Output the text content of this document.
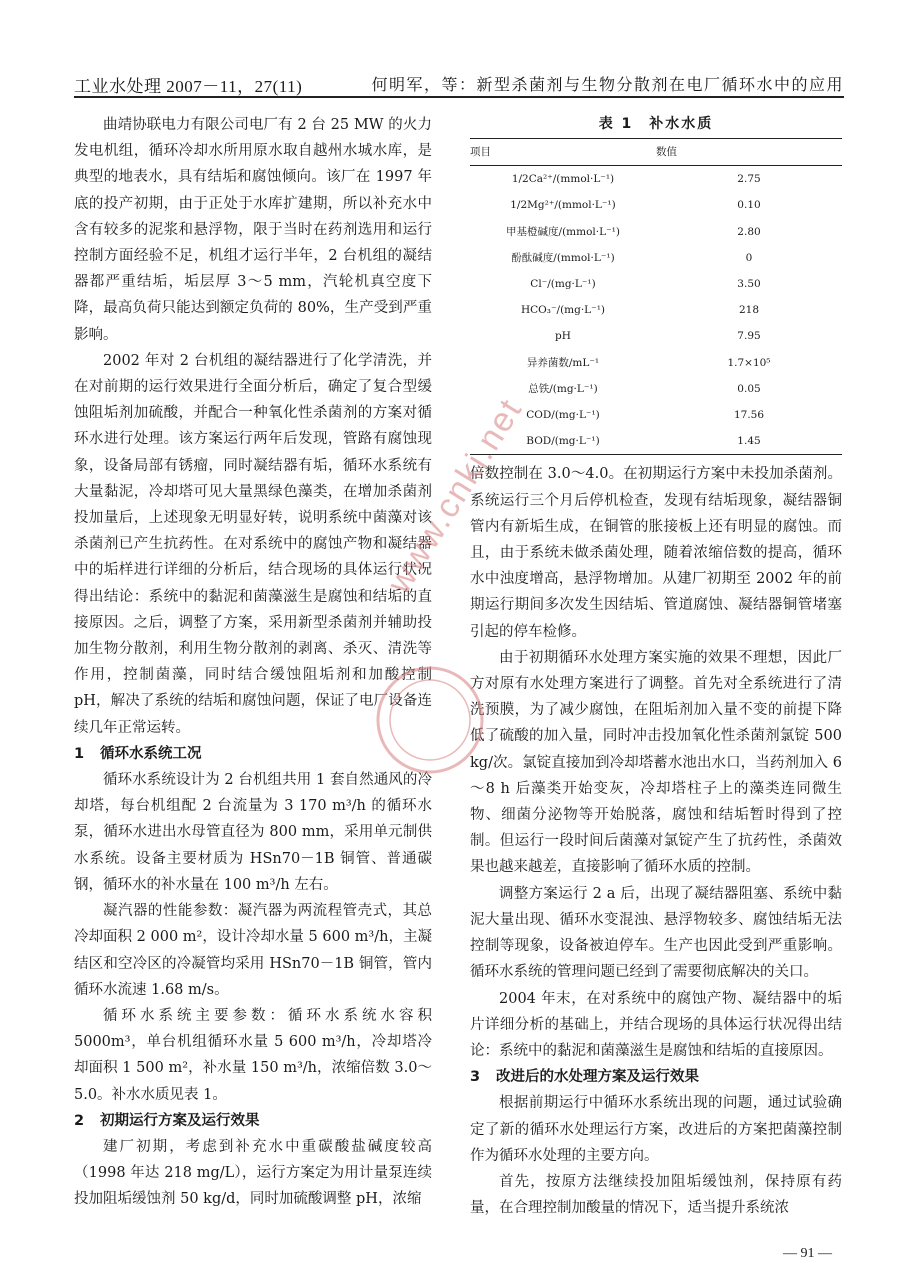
工业水处理 2007－11，27(11)	何明军，等：新型杀菌剂与生物分散剂在电厂循环水中的应用

曲靖协联电力有限公司电厂有 2 台 25 MW 的火力发电机组，循环冷却水所用原水取自越州水城水库，是典型的地表水，具有结垢和腐蚀倾向。该厂在 1997 年底的投产初期，由于正处于水库扩建期，所以补充水中含有较多的泥浆和悬浮物，限于当时在药剂选用和运行控制方面经验不足，机组才运行半年，2 台机组的凝结器都严重结垢，垢层厚 3～5 mm，汽轮机真空度下降，最高负荷只能达到额定负荷的 80%，生产受到严重影响。

2002 年对 2 台机组的凝结器进行了化学清洗，并在对前期的运行效果进行全面分析后，确定了复合型缓蚀阻垢剂加硫酸，并配合一种氧化性杀菌剂的方案对循环水进行处理。该方案运行两年后发现，管路有腐蚀现象，设备局部有锈瘤，同时凝结器有垢，循环水系统有大量黏泥，冷却塔可见大量黑绿色藻类，在增加杀菌剂投加量后，上述现象无明显好转，说明系统中菌藻对该杀菌剂已产生抗药性。在对系统中的腐蚀产物和凝结器中的垢样进行详细的分析后，结合现场的具体运行状况得出结论：系统中的黏泥和菌藻滋生是腐蚀和结垢的直接原因。之后，调整了方案，采用新型杀菌剂并辅助投加生物分散剂，利用生物分散剂的剥离、杀灭、清洗等作用，控制菌藻，同时结合缓蚀阻垢剂和加酸控制 pH，解决了系统的结垢和腐蚀问题，保证了电厂设备连续几年正常运转。

1 循环水系统工况

循环水系统设计为 2 台机组共用 1 套自然通风的冷却塔，每台机组配 2 台流量为 3 170 m³/h 的循环水泵，循环水进出水母管直径为 800 mm，采用单元制供水系统。设备主要材质为 HSn70－1B 铜管、普通碳钢，循环水的补水量在 100 m³/h 左右。

凝汽器的性能参数：凝汽器为两流程管壳式，其总冷却面积 2 000 m²，设计冷却水量 5 600 m³/h，主凝结区和空冷区的冷凝管均采用 HSn70－1B 铜管，管内循环水流速 1.68 m/s。

循环水系统主要参数：循环水系统水容积 5000m³，单台机组循环水量 5 600 m³/h，冷却塔冷却面积 1 500 m²，补水量 150 m³/h，浓缩倍数 3.0～5.0。补水水质见表 1。

2 初期运行方案及运行效果

建厂初期，考虑到补充水中重碳酸盐碱度较高（1998 年达 218 mg/L），运行方案定为用计量泵连续投加阻垢缓蚀剂 50 kg/d，同时加硫酸调整 pH，浓缩

表 1　补水水质
项目	数值
1/2Ca²⁺/(mmol·L⁻¹)	2.75
1/2Mg²⁺/(mmol·L⁻¹)	0.10
甲基橙碱度/(mmol·L⁻¹)	2.80
酚酞碱度/(mmol·L⁻¹)	0
Cl⁻/(mg·L⁻¹)	3.50
HCO₃⁻/(mg·L⁻¹)	218
pH	7.95
异养菌数/mL⁻¹	1.7×10⁵
总铁/(mg·L⁻¹)	0.05
COD/(mg·L⁻¹)	17.56
BOD/(mg·L⁻¹)	1.45

倍数控制在 3.0～4.0。在初期运行方案中未投加杀菌剂。系统运行三个月后停机检查，发现有结垢现象，凝结器铜管内有新垢生成，在铜管的胀接板上还有明显的腐蚀。而且，由于系统未做杀菌处理，随着浓缩倍数的提高，循环水中浊度增高，悬浮物增加。从建厂初期至 2002 年的前期运行期间多次发生因结垢、管道腐蚀、凝结器铜管堵塞引起的停车检修。

由于初期循环水处理方案实施的效果不理想，因此厂方对原有水处理方案进行了调整。首先对全系统进行了清洗预膜，为了减少腐蚀，在阻垢剂加入量不变的前提下降低了硫酸的加入量，同时冲击投加氧化性杀菌剂氯锭 500 kg/次。氯锭直接加到冷却塔蓄水池出水口，当药剂加入 6～8 h 后藻类开始变灰，冷却塔柱子上的藻类连同微生物、细菌分泌物等开始脱落，腐蚀和结垢暂时得到了控制。但运行一段时间后菌藻对氯锭产生了抗药性，杀菌效果也越来越差，直接影响了循环水质的控制。

调整方案运行 2 a 后，出现了凝结器阻塞、系统中黏泥大量出现、循环水变混浊、悬浮物较多、腐蚀结垢无法控制等现象，设备被迫停车。生产也因此受到严重影响。循环水系统的管理问题已经到了需要彻底解决的关口。

2004 年末，在对系统中的腐蚀产物、凝结器中的垢片详细分析的基础上，并结合现场的具体运行状况得出结论：系统中的黏泥和菌藻滋生是腐蚀和结垢的直接原因。

3 改进后的水处理方案及运行效果

根据前期运行中循环水系统出现的问题，通过试验确定了新的循环水处理运行方案，改进后的方案把菌藻控制作为循环水处理的主要方向。

首先，按原方法继续投加阻垢缓蚀剂，保持原有药量，在合理控制加酸量的情况下，适当提升系统浓

www.cnki.net
— 91 —
